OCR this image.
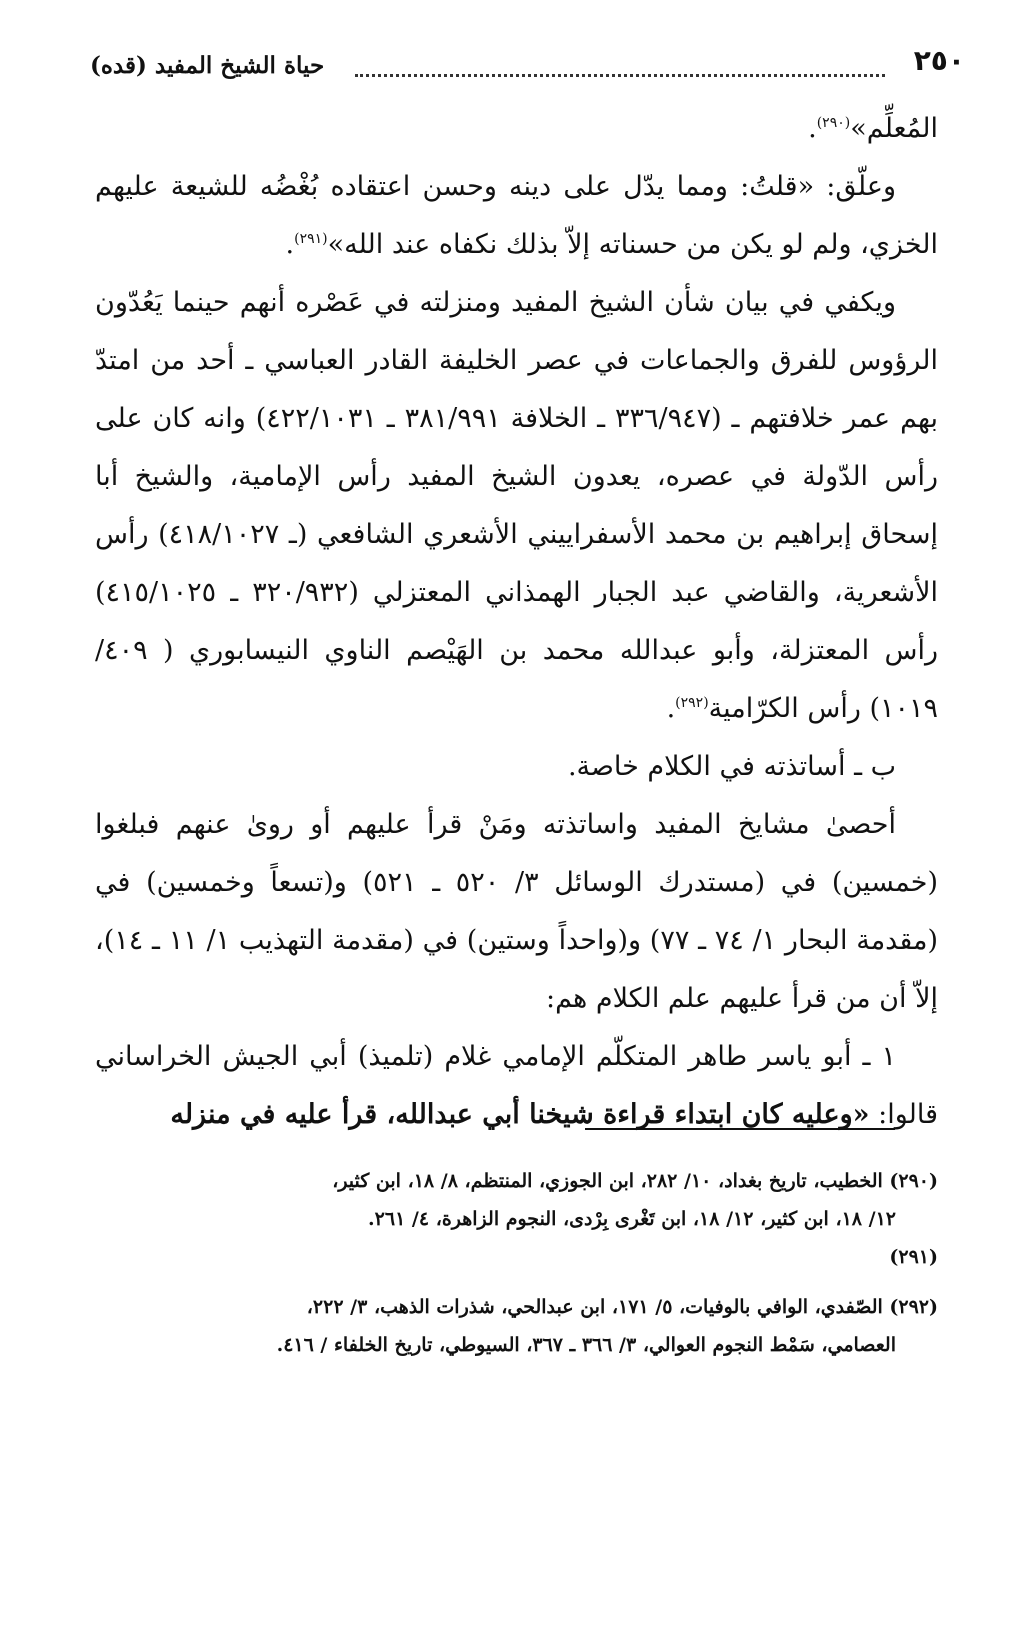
٢٥٠
حياة الشيخ المفيد (قده)

المُعلِّم»$^{(٢٩٠)}$.

وعلّق: «قلتُ: ومما يدّل على دينه وحسن اعتقاده بُغْضُه للشيعة عليهم الخزي، ولم لو يكن من حسناته إلاّ بذلك نكفاه عند الله»$^{(٢٩١)}$.

ويكفي في بيان شأن الشيخ المفيد ومنزلته في عَصْره أنهم حينما يَعُدّون الرؤوس للفرق والجماعات في عصر الخليفة القادر العباسي ـ أحد من امتدّ بهم عمر خلافتهم ـ (٣٣٦/٩٤٧ ـ الخلافة ٣٨١/٩٩١ ـ ٤٢٢/١٠٣١) وانه كان على رأس الدّولة في عصره، يعدون الشيخ المفيد رأس الإمامية، والشيخ أبا إسحاق إبراهيم بن محمد الأسفراييني الأشعري الشافعي (ـ ٤١٨/١٠٢٧) رأس الأشعرية، والقاضي عبد الجبار الهمذاني المعتزلي (٣٢٠/٩٣٢ ـ ٤١٥/١٠٢٥) رأس المعتزلة، وأبو عبدالله محمد بن الهَيْصم الناوي النيسابوري ( ٤٠٩/ ١٠١٩) رأس الكرّامية$^{(٢٩٢)}$.

ب ـ أساتذته في الكلام خاصة.

أحصىٰ مشايخ المفيد واساتذته ومَنْ قرأ عليهم أو روىٰ عنهم فبلغوا (خمسين) في (مستدرك الوسائل ٣/ ٥٢٠ ـ ٥٢١) و(تسعاً وخمسين) في (مقدمة البحار ١/ ٧٤ ـ ٧٧) و(واحداً وستين) في (مقدمة التهذيب ١/ ١١ ـ ١٤)، إلاّ أن من قرأ عليهم علم الكلام هم:

١ ـ أبو ياسر طاهر المتكلّم الإمامي غلام (تلميذ) أبي الجيش الخراساني قالوا: «وعليه كان ابتداء قراءة شيخنا أبي عبدالله، قرأ عليه في منزله

(٢٩٠) الخطيب، تاريخ بغداد، ١٠/ ٢٨٢، ابن الجوزي، المنتظم، ٨/ ١٨، ابن كثير،
١٢/ ١٨، ابن كثير، ١٢/ ١٨، ابن تَغْرى بِرْدى، النجوم الزاهرة، ٤/ ٢٦١.
(٢٩١)

(٢٩٢) الصّفدي، الوافي بالوفيات، ٥/ ١٧١، ابن عبدالحي، شذرات الذهب، ٣/ ٢٢٢،
العصامي، سَمْط النجوم العوالي، ٣/ ٣٦٦ ـ ٣٦٧، السيوطي، تاريخ الخلفاء / ٤١٦.
